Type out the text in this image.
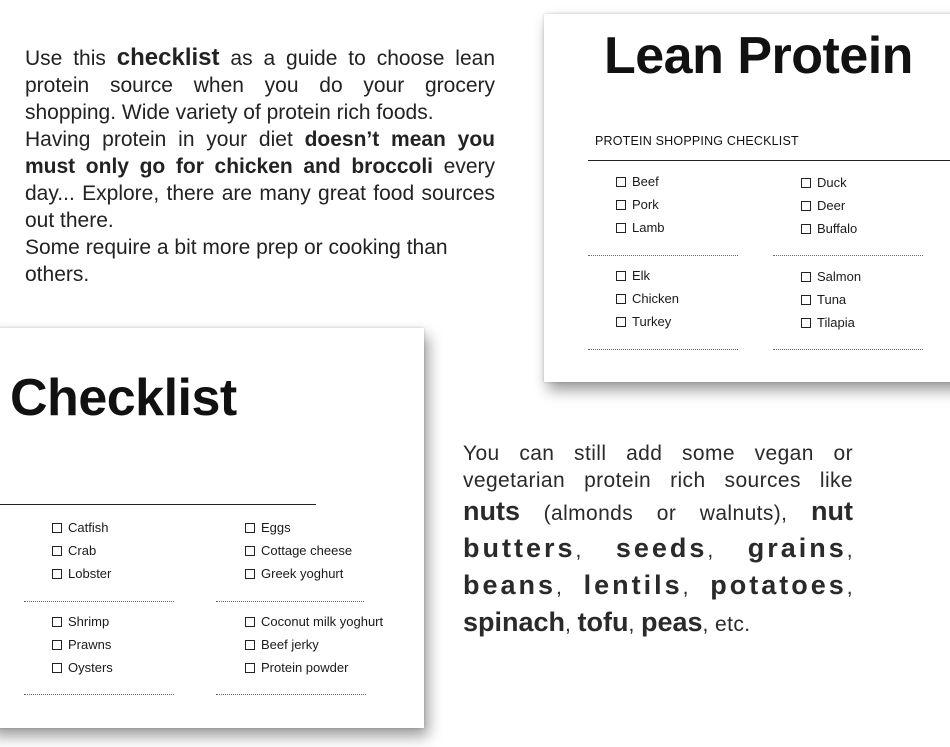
Use this checklist as a guide to choose lean protein source when you do your grocery shopping. Wide variety of protein rich foods.

Having protein in your diet doesn’t mean you must only go for chicken and broccoli every day... Explore, there are many great food sources out there.

Some require a bit more prep or cooking than others.

Lean Protein
PROTEIN SHOPPING CHECKLIST
Beef
Pork
Lamb
Duck
Deer
Buffalo
Elk
Chicken
Turkey
Salmon
Tuna
Tilapia
Checklist
Catfish
Crab
Lobster
Eggs
Cottage cheese
Greek yoghurt
Shrimp
Prawns
Oysters
Coconut milk yoghurt
Beef jerky
Protein powder
You can still add some vegan or
vegetarian protein rich sources like
nuts (almonds or walnuts), nut
butters, seeds, grains,
beans, lentils, potatoes,
spinach, tofu, peas, etc.
